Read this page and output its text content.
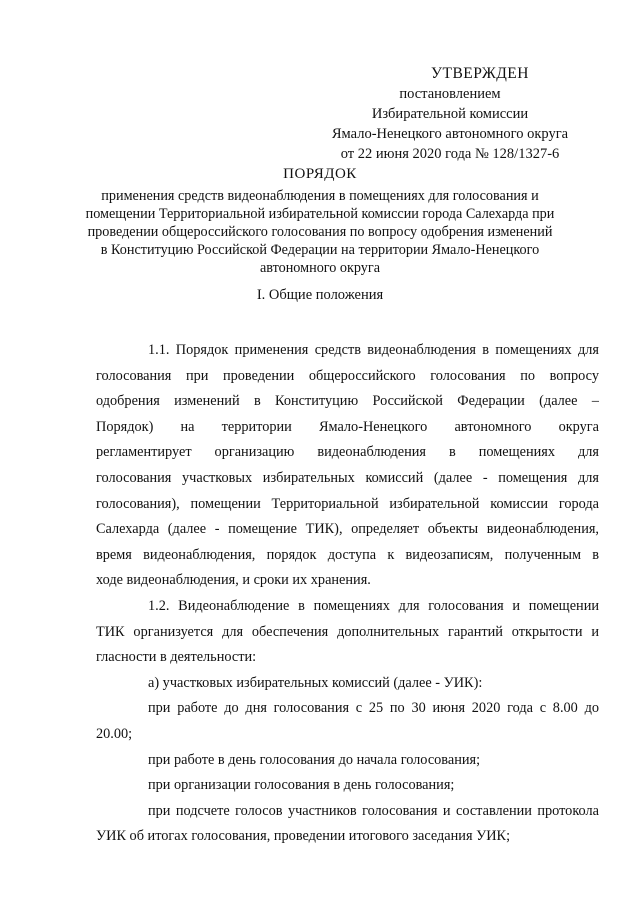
УТВЕРЖДЕН
постановлением
Избирательной комиссии
Ямало-Ненецкого автономного округа
от 22 июня 2020 года № 128/1327-6
ПОРЯДОК
применения средств видеонаблюдения в помещениях для голосования и
помещении Территориальной избирательной комиссии города Салехарда при
проведении общероссийского голосования по вопросу одобрения изменений
в Конституцию Российской Федерации на территории Ямало-Ненецкого
автономного округа
I. Общие положения
1.1. Порядок применения средств видеонаблюдения в помещениях для
голосования при проведении общероссийского голосования по вопросу
одобрения изменений в Конституцию Российской Федерации (далее –
Порядок) на территории Ямало-Ненецкого автономного округа
регламентирует организацию видеонаблюдения в помещениях для
голосования участковых избирательных комиссий (далее - помещения для
голосования), помещении Территориальной избирательной комиссии города
Салехарда (далее - помещение ТИК), определяет объекты видеонаблюдения,
время видеонаблюдения, порядок доступа к видеозаписям, полученным в
ходе видеонаблюдения, и сроки их хранения.
1.2. Видеонаблюдение в помещениях для голосования и помещении
ТИК организуется для обеспечения дополнительных гарантий открытости и
гласности в деятельности:
а) участковых избирательных комиссий (далее - УИК):
при работе до дня голосования с 25 по 30 июня 2020 года с 8.00 до
20.00;
при работе в день голосования до начала голосования;
при организации голосования в день голосования;
при подсчете голосов участников голосования и составлении протокола
УИК об итогах голосования, проведении итогового заседания УИК;
